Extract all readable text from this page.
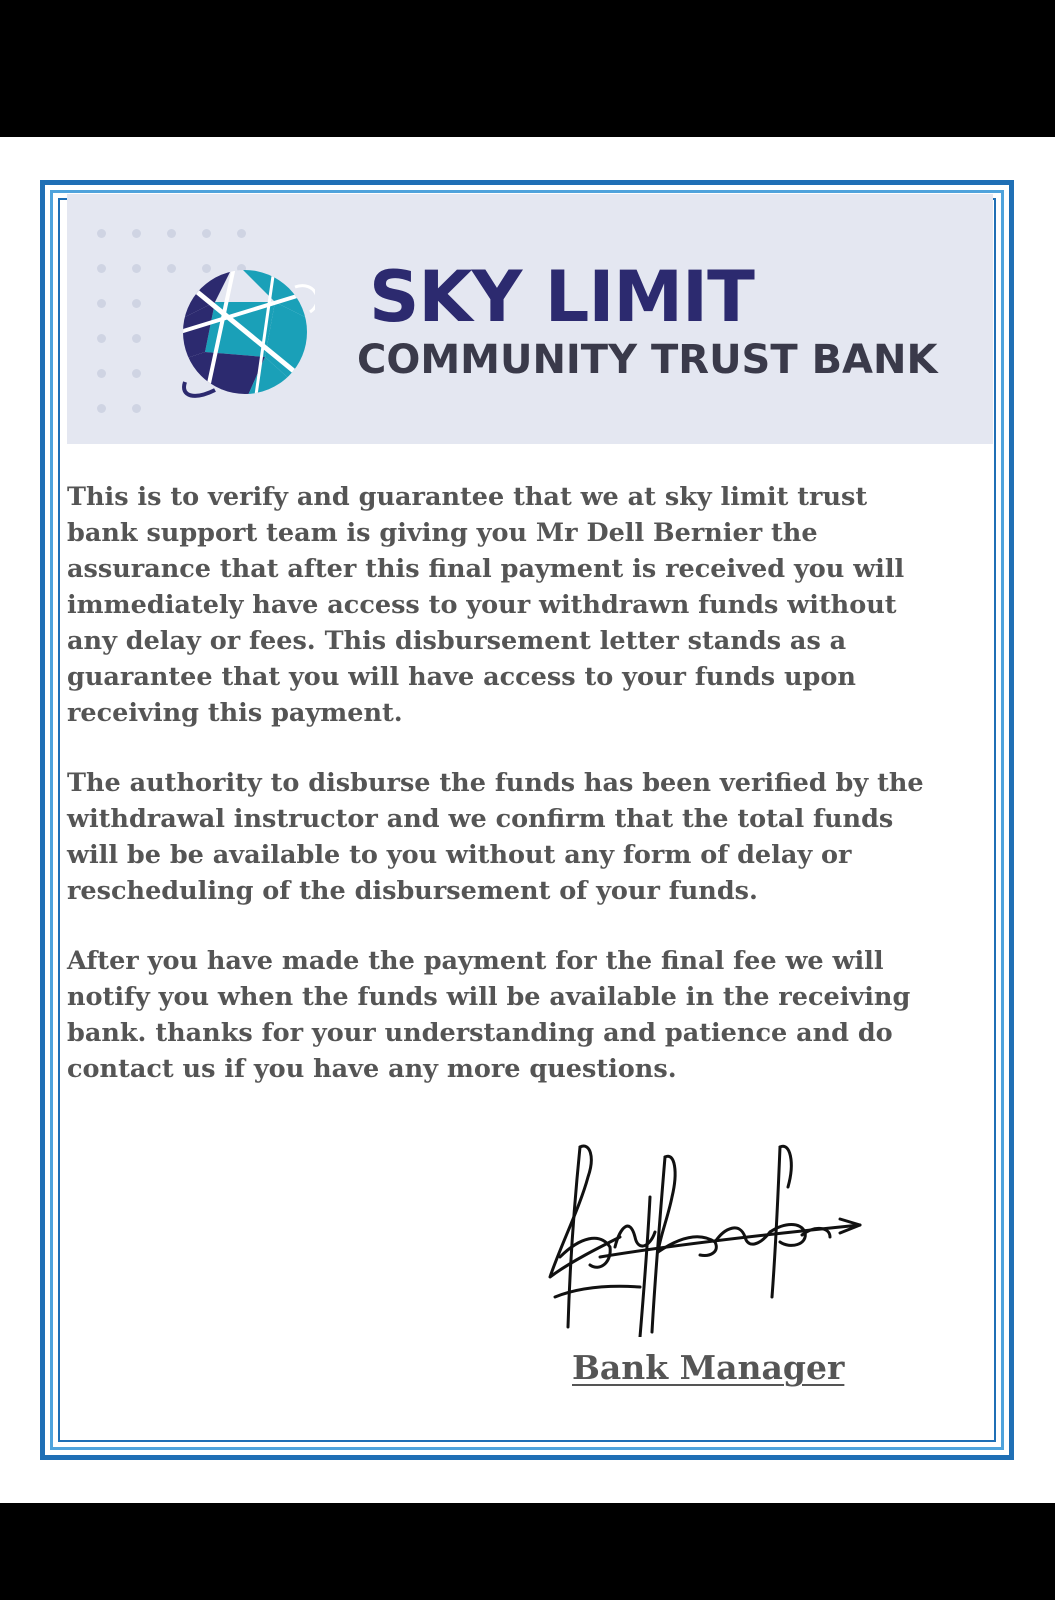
SKY LIMIT
COMMUNITY TRUST BANK

This is to verify and guarantee that we at sky limit trust
bank support team is giving you Mr Dell Bernier the
assurance that after this final payment is received you will
immediately have access to your withdrawn funds without
any delay or fees. This disbursement letter stands as a
guarantee that you will have access to your funds upon
receiving this payment.

The authority to disburse the funds has been verified by the
withdrawal instructor and we confirm that the total funds
will be be available to you without any form of delay or
rescheduling of the disbursement of your funds.

After you have made the payment for the final fee we will
notify you when the funds will be available in the receiving
bank. thanks for your understanding and patience and do
contact us if you have any more questions.

Bank Manager
